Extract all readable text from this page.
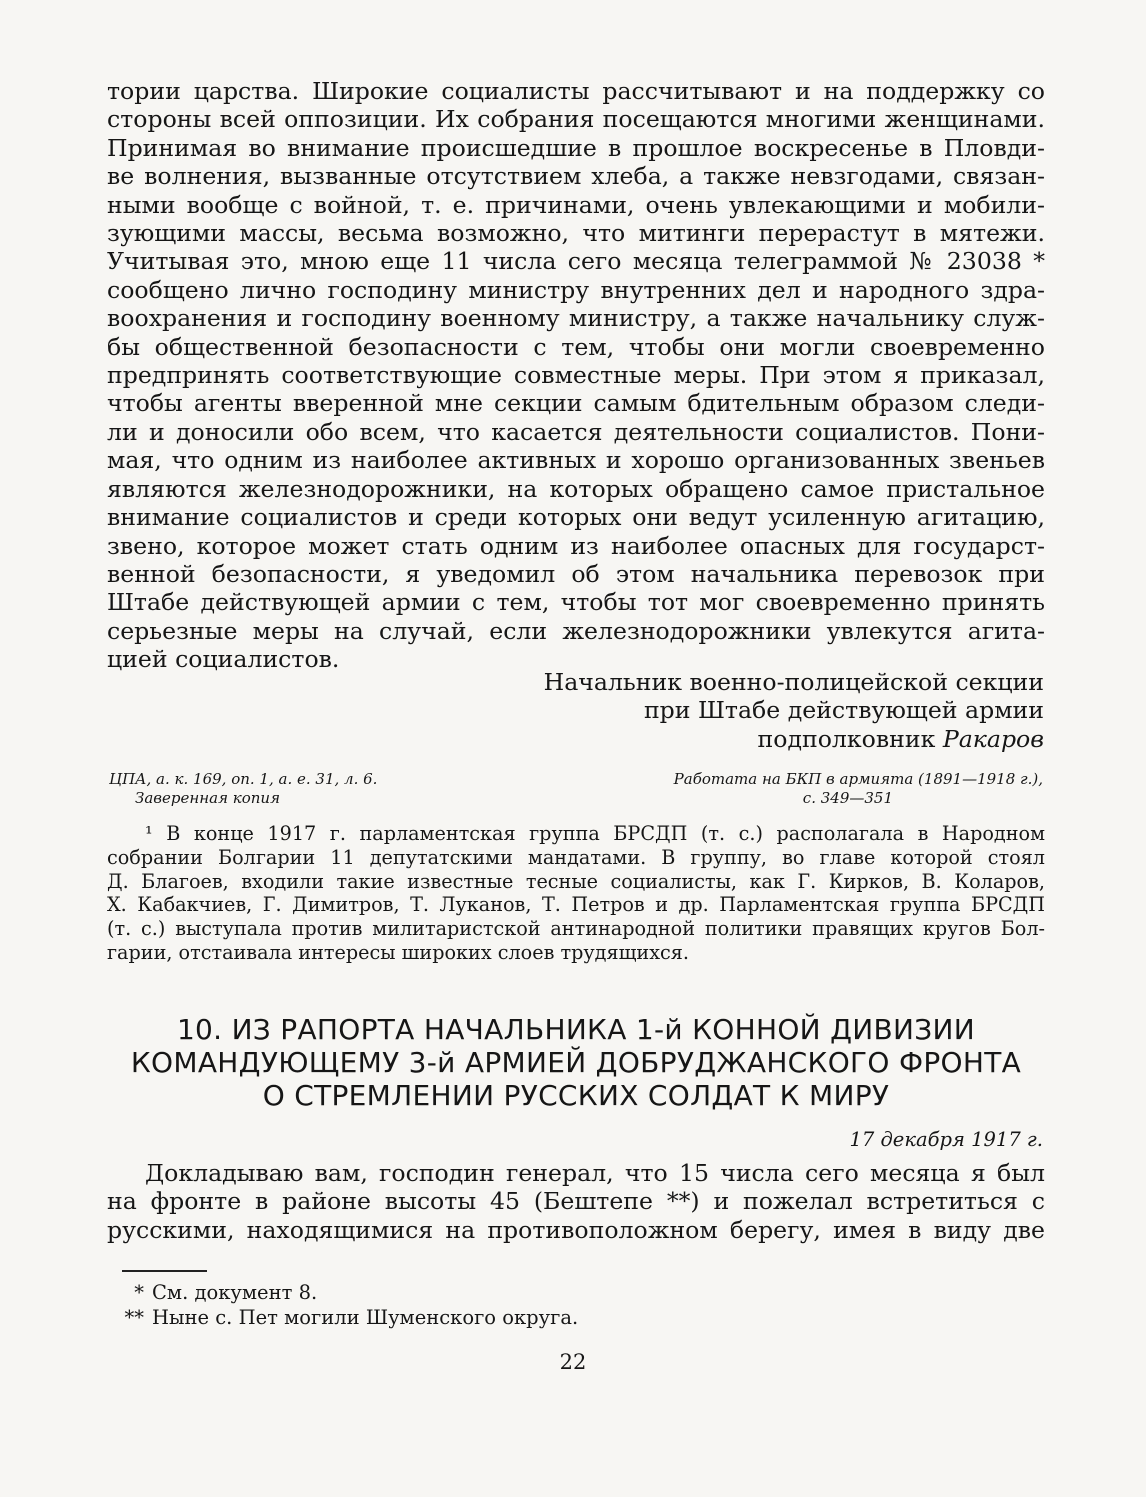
тории царства. Широкие социалисты рассчитывают и на поддержку со
стороны всей оппозиции. Их собрания посещаются многими женщинами.
Принимая во внимание происшедшие в прошлое воскресенье в Пловди-
ве волнения, вызванные отсутствием хлеба, а также невзгодами, связан-
ными вообще с войной, т. е. причинами, очень увлекающими и мобили-
зующими массы, весьма возможно, что митинги перерастут в мятежи.
Учитывая это, мною еще 11 числа сего месяца телеграммой № 23038 *
сообщено лично господину министру внутренних дел и народного здра-
воохранения и господину военному министру, а также начальнику служ-
бы общественной безопасности с тем, чтобы они могли своевременно
предпринять соответствующие совместные меры. При этом я приказал,
чтобы агенты вверенной мне секции самым бдительным образом следи-
ли и доносили обо всем, что касается деятельности социалистов. Пони-
мая, что одним из наиболее активных и хорошо организованных звеньев
являются железнодорожники, на которых обращено самое пристальное
внимание социалистов и среди которых они ведут усиленную агитацию,
звено, которое может стать одним из наиболее опасных для государст-
венной безопасности, я уведомил об этом начальника перевозок при
Штабе действующей армии с тем, чтобы тот мог своевременно принять
серьезные меры на случай, если железнодорожники увлекутся агита-
цией социалистов.
Начальник военно-полицейской секции
при Штабе действующей армии
подполковник Ракаров
ЦПА, а. к. 169, оп. 1, а. е. 31, л. 6.
Заверенная копия
Работата на БКП в армията (1891—1918 г.),
с. 349—351
¹ В конце 1917 г. парламентская группа БРСДП (т. с.) располагала в Народном
собрании Болгарии 11 депутатскими мандатами. В группу, во главе которой стоял
Д. Благоев, входили такие известные тесные социалисты, как Г. Кирков, В. Коларов,
Х. Кабакчиев, Г. Димитров, Т. Луканов, Т. Петров и др. Парламентская группа БРСДП
(т. с.) выступала против милитаристской антинародной политики правящих кругов Бол-
гарии, отстаивала интересы широких слоев трудящихся.
10. ИЗ РАПОРТА НАЧАЛЬНИКА 1-й КОННОЙ ДИВИЗИИ
КОМАНДУЮЩЕМУ 3-й АРМИЕЙ ДОБРУДЖАНСКОГО ФРОНТА
О СТРЕМЛЕНИИ РУССКИХ СОЛДАТ К МИРУ
17 декабря 1917 г.
Докладываю вам, господин генерал, что 15 числа сего месяца я был
на фронте в районе высоты 45 (Бештепе **) и пожелал встретиться с
русскими, находящимися на противоположном берегу, имея в виду две
* См. документ 8.
** Ныне с. Пет могили Шуменского округа.
22
